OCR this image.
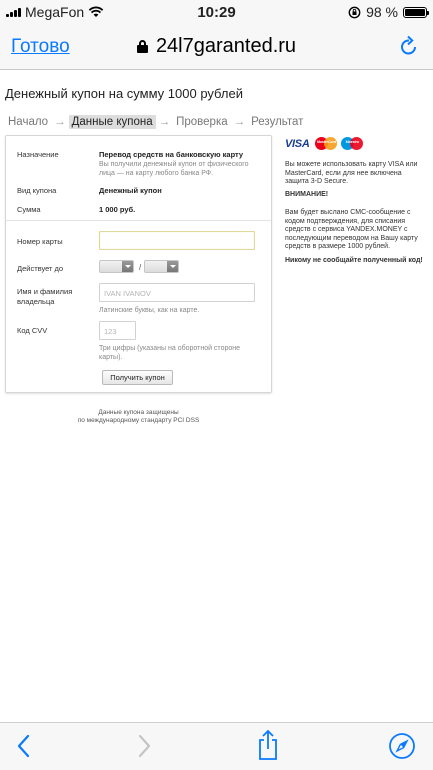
MegaFon	10:29	98 %
Готово	24l7garanted.ru
Денежный купон на сумму 1000 рублей
Начало → Данные купона → Проверка → Результат
Назначение	Перевод средств на банковскую карту
Вы получили денежный купон от физического лица — на карту любого банка РФ.
Вид купона	Денежный купон
Сумма	1 000 руб.
Номер карты
Действует до	/
Имя и фамилия владельца
IVAN IVANOV
Латинские буквы, как на карте.
Код CVV	123
Три цифры (указаны на оборотной стороне карты).
Получить купон
Данные купона защищены
по международному стандарту PCI DSS
VISA	MasterCard	Maestro
Вы можете использовать карту VISA или MasterCard, если для нее включена защита 3-D Secure.
ВНИМАНИЕ!
Вам будет выслано СМС-сообщение с кодом подтверждения, для списания средств с сервиса YANDEX.MONEY с последующим переводом на Вашу карту средств в размере 1000 рублей.
Никому не сообщайте полученный код!
